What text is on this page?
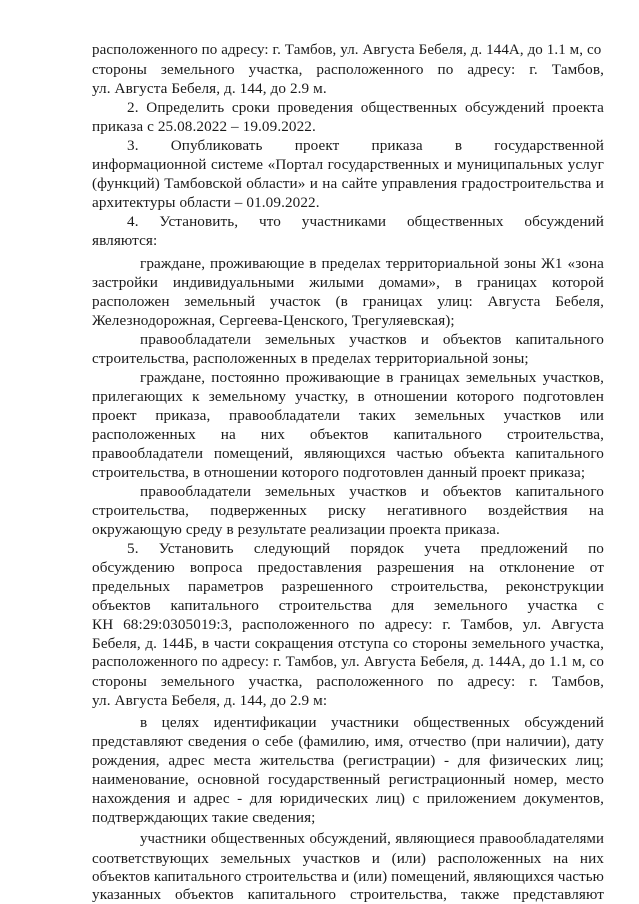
расположенного по адресу: г. Тамбов, ул. Августа Бебеля, д. 144А, до 1.1 м, со
стороны земельного участка, расположенного по адресу: г. Тамбов,
ул. Августа Бебеля, д. 144, до 2.9 м.
2. Определить сроки проведения общественных обсуждений проекта
приказа с 25.08.2022 – 19.09.2022.
3. Опубликовать проект приказа в государственной
информационной системе «Портал государственных и муниципальных услуг
(функций) Тамбовской области» и на сайте управления градостроительства и
архитектуры области – 01.09.2022.
4. Установить, что участниками общественных обсуждений
являются:
граждане, проживающие в пределах территориальной зоны Ж1 «зона
застройки индивидуальными жилыми домами», в границах которой
расположен земельный участок (в границах улиц: Августа Бебеля,
Железнодорожная, Сергеева-Ценского, Трегуляевская);
правообладатели земельных участков и объектов капитального
строительства, расположенных в пределах территориальной зоны;
граждане, постоянно проживающие в границах земельных участков,
прилегающих к земельному участку, в отношении которого подготовлен
проект приказа, правообладатели таких земельных участков или
расположенных на них объектов капитального строительства,
правообладатели помещений, являющихся частью объекта капитального
строительства, в отношении которого подготовлен данный проект приказа;
правообладатели земельных участков и объектов капитального
строительства, подверженных риску негативного воздействия на
окружающую среду в результате реализации проекта приказа.
5. Установить следующий порядок учета предложений по
обсуждению вопроса предоставления разрешения на отклонение от
предельных параметров разрешенного строительства, реконструкции
объектов капитального строительства для земельного участка с
КН 68:29:0305019:3, расположенного по адресу: г. Тамбов, ул. Августа
Бебеля, д. 144Б, в части сокращения отступа со стороны земельного участка,
расположенного по адресу: г. Тамбов, ул. Августа Бебеля, д. 144А, до 1.1 м, со
стороны земельного участка, расположенного по адресу: г. Тамбов,
ул. Августа Бебеля, д. 144, до 2.9 м:
в целях идентификации участники общественных обсуждений
представляют сведения о себе (фамилию, имя, отчество (при наличии), дату
рождения, адрес места жительства (регистрации) - для физических лиц;
наименование, основной государственный регистрационный номер, место
нахождения и адрес - для юридических лиц) с приложением документов,
подтверждающих такие сведения;
участники общественных обсуждений, являющиеся правообладателями
соответствующих земельных участков и (или) расположенных на них
объектов капитального строительства и (или) помещений, являющихся частью
указанных объектов капитального строительства, также представляют
